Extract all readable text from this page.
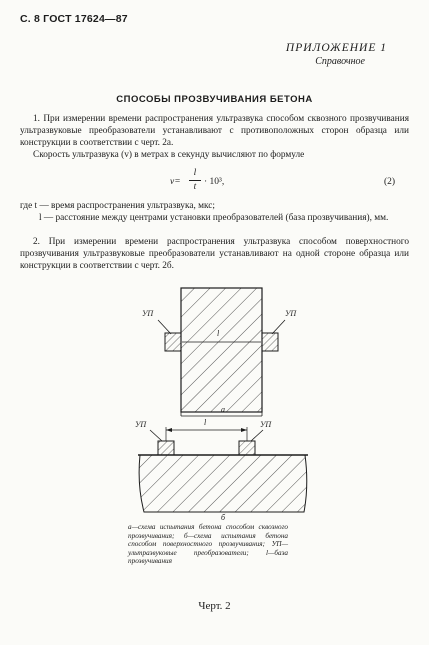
С. 8 ГОСТ 17624—87
ПРИЛОЖЕНИЕ 1
Справочное
СПОСОБЫ ПРОЗВУЧИВАНИЯ БЕТОНА
1. При измерении времени распространения ультразвука способом сквозного прозвучивания ультразвуковые преобразователи устанавливают с противоположных сторон образца или конструкции в соответствии с черт. 2а.
Скорость ультразвука (v) в метрах в секунду вычисляют по формуле
v=
l
t · 10³,	(2)
где t — время распространения ультразвука, мкс;
l — расстояние между центрами установки преобразователей (база прозвучивания), мм.
2. При измерении времени распространения ультразвука способом поверхностного прозвучивания ультразвуковые преобразователи устанавливают на одной стороне образца или конструкции в соответствии с черт. 2б.
УП	УП
l
а
УП	УП
l
б
а—схема испытания бетона способом сквозного прозвучивания; б—схема испытания бетона способом поверхностного прозвучивания; УП—ультразвуковые преобразователи; l—база прозвучивания
Черт. 2
